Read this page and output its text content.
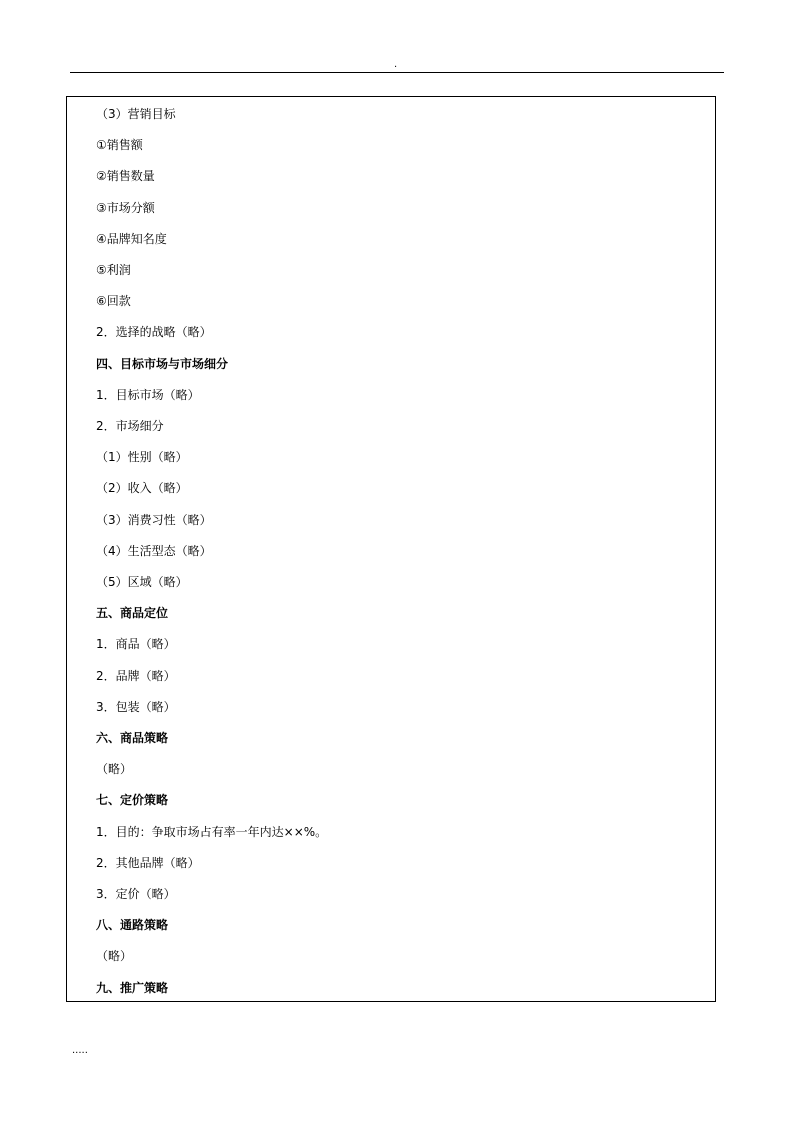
.
（3）营销目标
①销售额
②销售数量
③市场分额
④品牌知名度
⑤利润
⑥回款
2．选择的战略（略）
四、目标市场与市场细分
1．目标市场（略）
2．市场细分
（1）性别（略）
（2）收入（略）
（3）消费习性（略）
（4）生活型态（略）
（5）区域（略）
五、商品定位
1．商品（略）
2．品牌（略）
3．包装（略）
六、商品策略
（略）
七、定价策略
1．目的：争取市场占有率一年内达××%。
2．其他品牌（略）
3．定价（略）
八、通路策略
（略）
九、推广策略
.....
